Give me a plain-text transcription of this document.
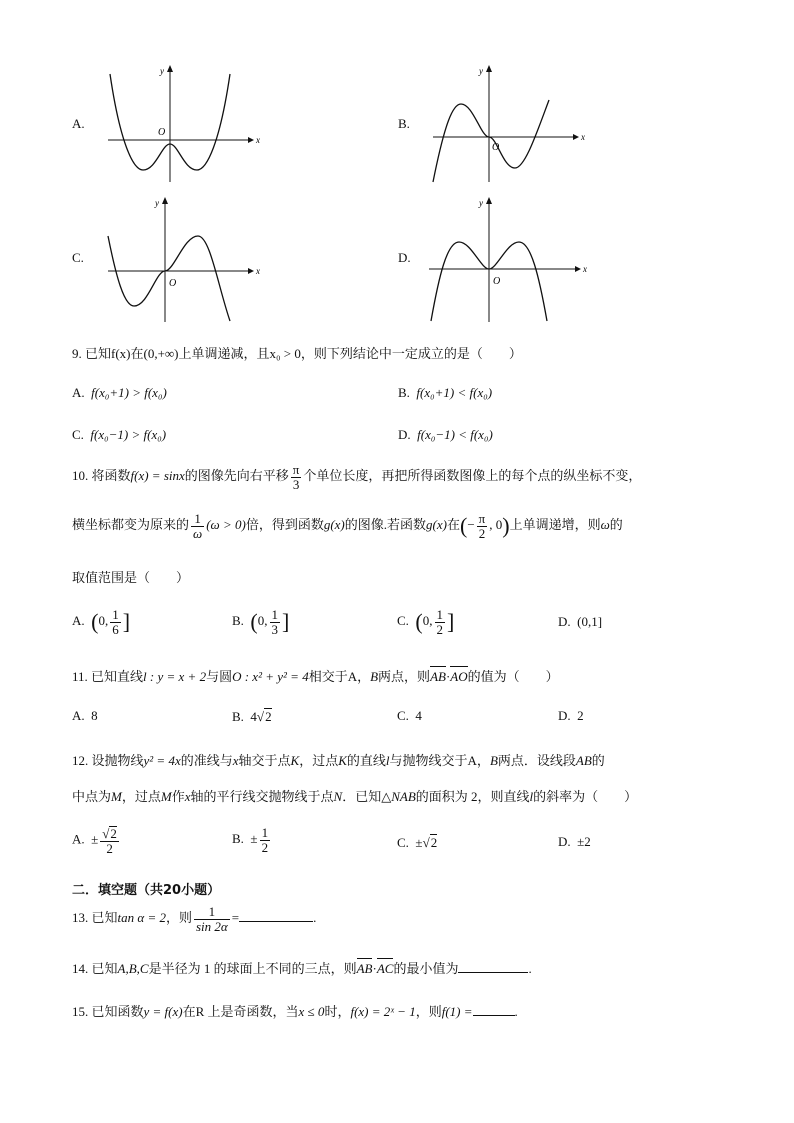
A.
x
y
O
B.
x
y
O
C.
x
y
O
D.
x
y
O
9. 已知f(x)在(0,+∞)上单调递减，且x₀ > 0，则下列结论中一定成立的是（　　）
A. f(x₀+1) > f(x₀)	B. f(x₀+1) < f(x₀)
C. f(x₀−1) > f(x₀)	D. f(x₀−1) < f(x₀)
10. 将函数f(x) = sinx的图像先向右平移 $\frac{\pi}{3}$ 个单位长度，再把所得函数图像上的每个点的纵坐标不变，
横坐标都变为原来的 $\frac{1}{\omega} (\omega > 0)$倍，得到函数g(x)的图像.若函数g(x)在(− $\frac{\pi}{2}$ , 0)上单调递增，则ω的
取值范围是（　　）
A. (0, $\frac{1}{6}$ ]	B. (0, $\frac{1}{3}$ ]	C. (0, $\frac{1}{2}$ ]	D.  (0,1]
11. 已知直线l : y = x + 2与圆O : x² + y² = 4相交于A，B两点，则AB·AO的值为（　　）
A. 8	B. 4√2	C. 4	D. 2
12. 设抛物线y² = 4x的准线与x轴交于点K，过点K的直线l与抛物线交于A，B两点．设线段AB的
中点为M，过点M作x轴的平行线交抛物线于点N．已知△NAB的面积为 2，则直线l的斜率为（　　）
A. ± $\frac{√2}{2}$	B. ± $\frac{1}{2}$	C. ±√2	D. ±2
二．填空题（共20小题）
13. 已知tan α = 2，则 $\frac{1}{\sin 2\alpha}$ =	.
14. 已知A,B,C是半径为 1 的球面上不同的三点，则AB·AC的最小值为	.
15. 已知函数y = f(x)在R 上是奇函数，当x ≤ 0时，f(x) = 2ˣ − 1，则f(1) =	.
